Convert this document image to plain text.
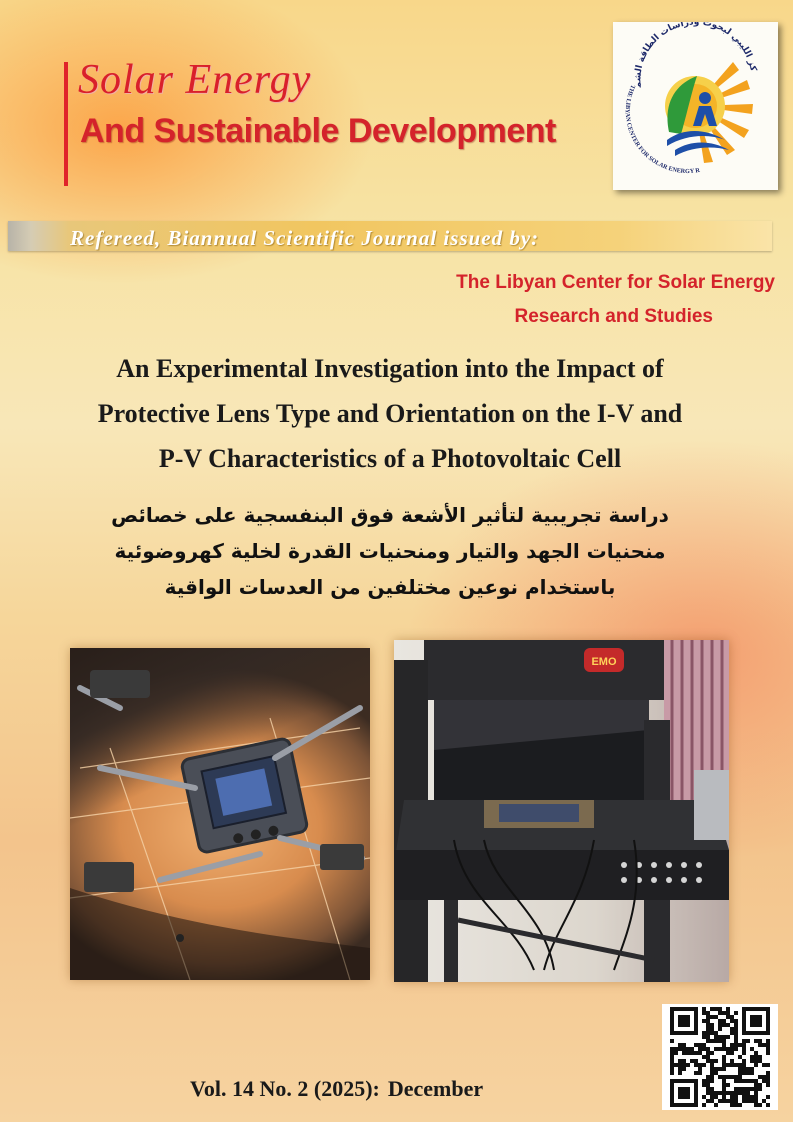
Solar Energy
And Sustainable Development
كز الليبي لبحوث ودراسات الطاقة الشم
THE LIBYAN CENTER FOR SOLAR ENERGY R
Refereed, Biannual Scientific Journal issued by:
The Libyan Center for Solar Energy
Research and Studies
An Experimental Investigation into the Impact of
Protective Lens Type and Orientation on the I-V and
P-V Characteristics of a Photovoltaic Cell
دراسة تجريبية لتأثير الأشعة فوق البنفسجية على خصائص
منحنيات الجهد والتيار ومنحنيات القدرة لخلية كهروضوئية
باستخدام نوعين مختلفين من العدسات الواقية
EMO
Vol. 14 No. 2 (2025): December
